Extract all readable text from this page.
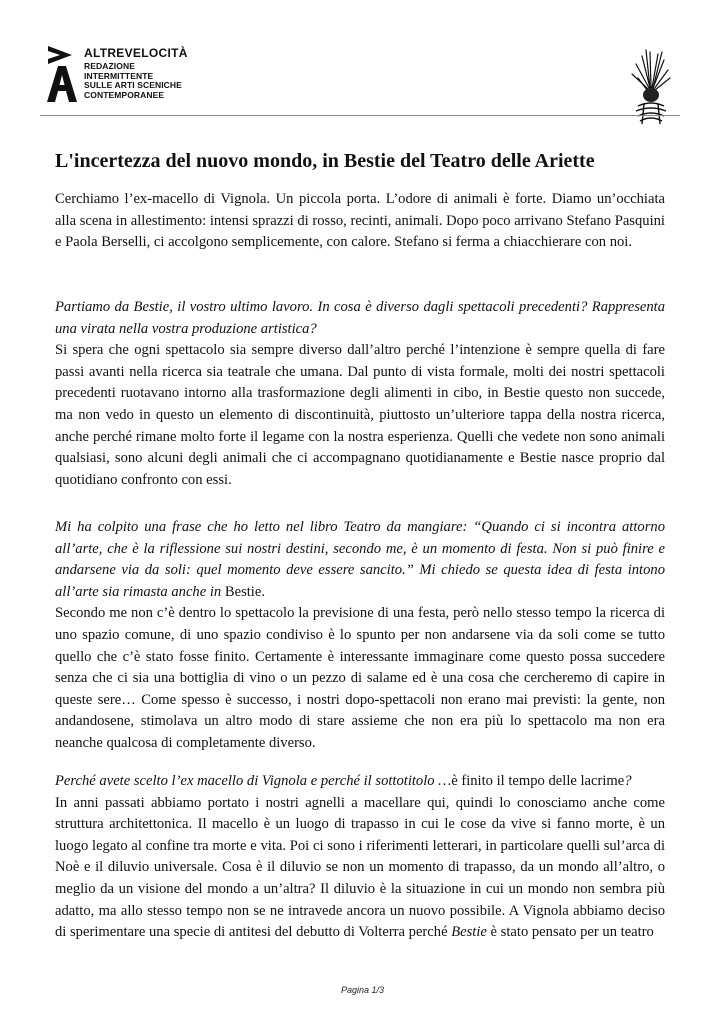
ALTREVELOCITÀ
REDAZIONE
INTERMITTENTE
SULLE ARTI SCENICHE
CONTEMPORANEE
L'incertezza del nuovo mondo, in Bestie del Teatro delle Ariette

Cerchiamo l’ex-macello di Vignola. Un piccola porta. L’odore di animali è forte. Diamo un’occhiata alla scena in allestimento: intensi sprazzi di rosso, recinti, animali. Dopo poco arrivano Stefano Pasquini e Paola Berselli, ci accolgono semplicemente, con calore. Stefano si ferma a chiacchierare con noi.

Partiamo da Bestie, il vostro ultimo lavoro. In cosa è diverso dagli spettacoli precedenti? Rappresenta una virata nella vostra produzione artistica?
Si spera che ogni spettacolo sia sempre diverso dall’altro perché l’intenzione è sempre quella di fare passi avanti nella ricerca sia teatrale che umana. Dal punto di vista formale, molti dei nostri spettacoli precedenti ruotavano intorno alla trasformazione degli alimenti in cibo, in Bestie questo non succede, ma non vedo in questo un elemento di discontinuità, piuttosto un’ulteriore tappa della nostra ricerca, anche perché rimane molto forte il legame con la nostra esperienza. Quelli che vedete non sono animali qualsiasi, sono alcuni degli animali che ci accompagnano quotidianamente e Bestie nasce proprio dal quotidiano confronto con essi.

Mi ha colpito una frase che ho letto nel libro Teatro da mangiare: “Quando ci si incontra attorno all’arte, che è la riflessione sui nostri destini, secondo me, è un momento di festa. Non si può finire e andarsene via da soli: quel momento deve essere sancito.” Mi chiedo se questa idea di festa intono all’arte sia rimasta anche in Bestie.
Secondo me non c’è dentro lo spettacolo la previsione di una festa, però nello stesso tempo la ricerca di uno spazio comune, di uno spazio condiviso è lo spunto per non andarsene via da soli come se tutto quello che c’è stato fosse finito. Certamente è interessante immaginare come questo possa succedere senza che ci sia una bottiglia di vino o un pezzo di salame ed è una cosa che cercheremo di capire in queste sere… Come spesso è successo, i nostri dopo-spettacoli non erano mai previsti: la gente, non andandosene, stimolava un altro modo di stare assieme che non era più lo spettacolo ma non era neanche qualcosa di completamente diverso.

Perché avete scelto l’ex macello di Vignola e perché il sottotitolo …è finito il tempo delle lacrime?
In anni passati abbiamo portato i nostri agnelli a macellare qui, quindi lo conosciamo anche come struttura architettonica. Il macello è un luogo di trapasso in cui le cose da vive si fanno morte, è un luogo legato al confine tra morte e vita. Poi ci sono i riferimenti letterari, in particolare quelli sul’arca di Noè e il diluvio universale. Cosa è il diluvio se non un momento di trapasso, da un mondo all’altro, o meglio da un visione del mondo a un’altra? Il diluvio è la situazione in cui un mondo non sembra più adatto, ma allo stesso tempo non se ne intravede ancora un nuovo possibile. A Vignola abbiamo deciso di sperimentare una specie di antitesi del debutto di Volterra perché Bestie è stato pensato per un teatro

Pagina 1/3
